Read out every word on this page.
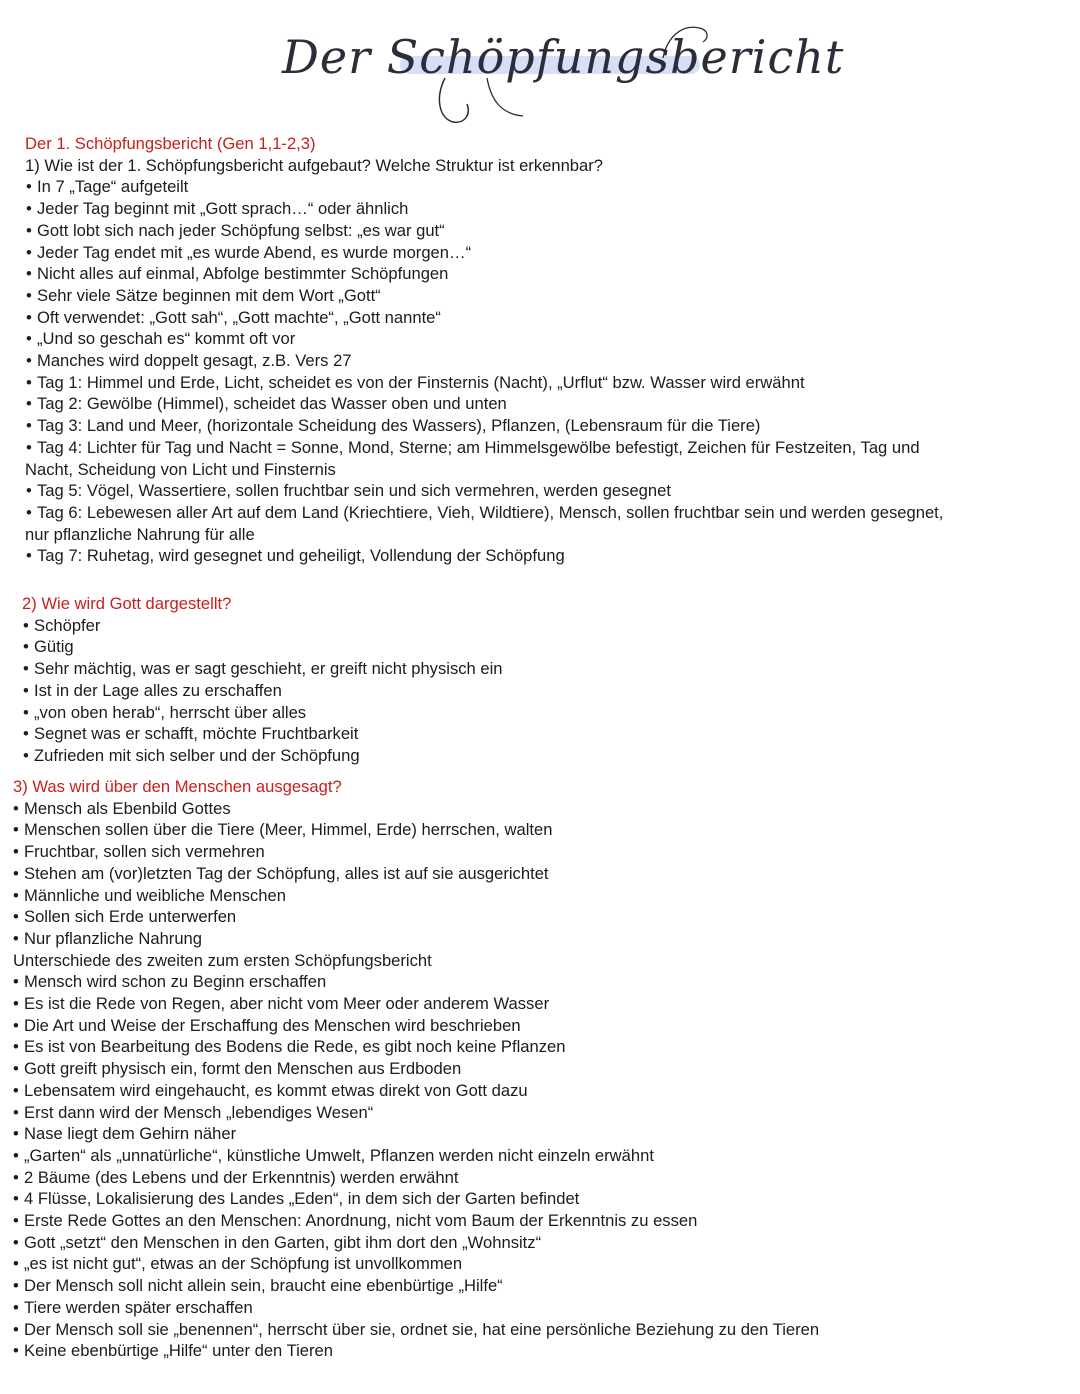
Der Schöpfungsbericht
Der 1. Schöpfungsbericht (Gen 1,1-2,3)
1) Wie ist der 1. Schöpfungsbericht aufgebaut? Welche Struktur ist erkennbar?
• In 7 „Tage“ aufgeteilt
• Jeder Tag beginnt mit „Gott sprach…“ oder ähnlich
• Gott lobt sich nach jeder Schöpfung selbst: „es war gut“
• Jeder Tag endet mit „es wurde Abend, es wurde morgen…“
• Nicht alles auf einmal, Abfolge bestimmter Schöpfungen
• Sehr viele Sätze beginnen mit dem Wort „Gott“
• Oft verwendet: „Gott sah“, „Gott machte“, „Gott nannte“
• „Und so geschah es“ kommt oft vor
• Manches wird doppelt gesagt, z.B. Vers 27
• Tag 1: Himmel und Erde, Licht, scheidet es von der Finsternis (Nacht), „Urflut“ bzw. Wasser wird erwähnt
• Tag 2: Gewölbe (Himmel), scheidet das Wasser oben und unten
• Tag 3: Land und Meer, (horizontale Scheidung des Wassers), Pflanzen, (Lebensraum für die Tiere)
• Tag 4: Lichter für Tag und Nacht = Sonne, Mond, Sterne; am Himmelsgewölbe befestigt, Zeichen für Festzeiten, Tag und
Nacht, Scheidung von Licht und Finsternis
• Tag 5: Vögel, Wassertiere, sollen fruchtbar sein und sich vermehren, werden gesegnet
• Tag 6: Lebewesen aller Art auf dem Land (Kriechtiere, Vieh, Wildtiere), Mensch, sollen fruchtbar sein und werden gesegnet,
nur pflanzliche Nahrung für alle
• Tag 7: Ruhetag, wird gesegnet und geheiligt, Vollendung der Schöpfung
2) Wie wird Gott dargestellt?
• Schöpfer
• Gütig
• Sehr mächtig, was er sagt geschieht, er greift nicht physisch ein
• Ist in der Lage alles zu erschaffen
• „von oben herab“, herrscht über alles
• Segnet was er schafft, möchte Fruchtbarkeit
• Zufrieden mit sich selber und der Schöpfung
3) Was wird über den Menschen ausgesagt?
• Mensch als Ebenbild Gottes
• Menschen sollen über die Tiere (Meer, Himmel, Erde) herrschen, walten
• Fruchtbar, sollen sich vermehren
• Stehen am (vor)letzten Tag der Schöpfung, alles ist auf sie ausgerichtet
• Männliche und weibliche Menschen
• Sollen sich Erde unterwerfen
• Nur pflanzliche Nahrung
Unterschiede des zweiten zum ersten Schöpfungsbericht
• Mensch wird schon zu Beginn erschaffen
• Es ist die Rede von Regen, aber nicht vom Meer oder anderem Wasser
• Die Art und Weise der Erschaffung des Menschen wird beschrieben
• Es ist von Bearbeitung des Bodens die Rede, es gibt noch keine Pflanzen
• Gott greift physisch ein, formt den Menschen aus Erdboden
• Lebensatem wird eingehaucht, es kommt etwas direkt von Gott dazu
• Erst dann wird der Mensch „lebendiges Wesen“
• Nase liegt dem Gehirn näher
• „Garten“ als „unnatürliche“, künstliche Umwelt, Pflanzen werden nicht einzeln erwähnt
• 2 Bäume (des Lebens und der Erkenntnis) werden erwähnt
• 4 Flüsse, Lokalisierung des Landes „Eden“, in dem sich der Garten befindet
• Erste Rede Gottes an den Menschen: Anordnung, nicht vom Baum der Erkenntnis zu essen
• Gott „setzt“ den Menschen in den Garten, gibt ihm dort den „Wohnsitz“
• „es ist nicht gut“, etwas an der Schöpfung ist unvollkommen
• Der Mensch soll nicht allein sein, braucht eine ebenbürtige „Hilfe“
• Tiere werden später erschaffen
• Der Mensch soll sie „benennen“, herrscht über sie, ordnet sie, hat eine persönliche Beziehung zu den Tieren
• Keine ebenbürtige „Hilfe“ unter den Tieren
